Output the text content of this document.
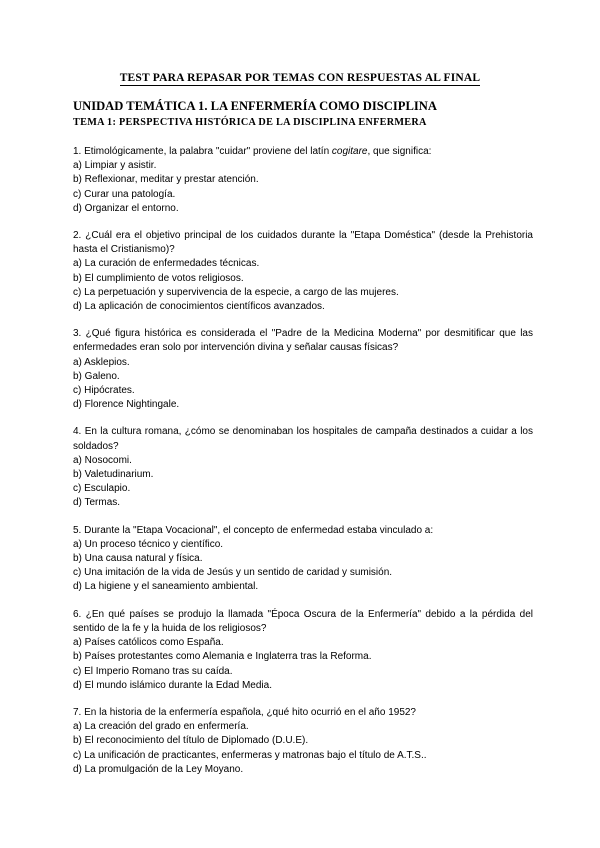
TEST PARA REPASAR POR TEMAS CON RESPUESTAS AL FINAL
UNIDAD TEMÁTICA 1. LA ENFERMERÍA COMO DISCIPLINA
TEMA 1: PERSPECTIVA HISTÓRICA DE LA DISCIPLINA ENFERMERA
1. Etimológicamente, la palabra "cuidar" proviene del latín cogitare, que significa:
a) Limpiar y asistir.
b) Reflexionar, meditar y prestar atención.
c) Curar una patología.
d) Organizar el entorno.
2. ¿Cuál era el objetivo principal de los cuidados durante la "Etapa Doméstica" (desde la Prehistoria hasta el Cristianismo)?
a) La curación de enfermedades técnicas.
b) El cumplimiento de votos religiosos.
c) La perpetuación y supervivencia de la especie, a cargo de las mujeres.
d) La aplicación de conocimientos científicos avanzados.
3. ¿Qué figura histórica es considerada el "Padre de la Medicina Moderna" por desmitificar que las enfermedades eran solo por intervención divina y señalar causas físicas?
a) Asklepios.
b) Galeno.
c) Hipócrates.
d) Florence Nightingale.
4. En la cultura romana, ¿cómo se denominaban los hospitales de campaña destinados a cuidar a los soldados?
a) Nosocomi.
b) Valetudinarium.
c) Esculapio.
d) Termas.
5. Durante la "Etapa Vocacional", el concepto de enfermedad estaba vinculado a:
a) Un proceso técnico y científico.
b) Una causa natural y física.
c) Una imitación de la vida de Jesús y un sentido de caridad y sumisión.
d) La higiene y el saneamiento ambiental.
6. ¿En qué países se produjo la llamada "Época Oscura de la Enfermería" debido a la pérdida del sentido de la fe y la huida de los religiosos?
a) Países católicos como España.
b) Países protestantes como Alemania e Inglaterra tras la Reforma.
c) El Imperio Romano tras su caída.
d) El mundo islámico durante la Edad Media.
7. En la historia de la enfermería española, ¿qué hito ocurrió en el año 1952?
a) La creación del grado en enfermería.
b) El reconocimiento del título de Diplomado (D.U.E).
c) La unificación de practicantes, enfermeras y matronas bajo el título de A.T.S..
d) La promulgación de la Ley Moyano.
